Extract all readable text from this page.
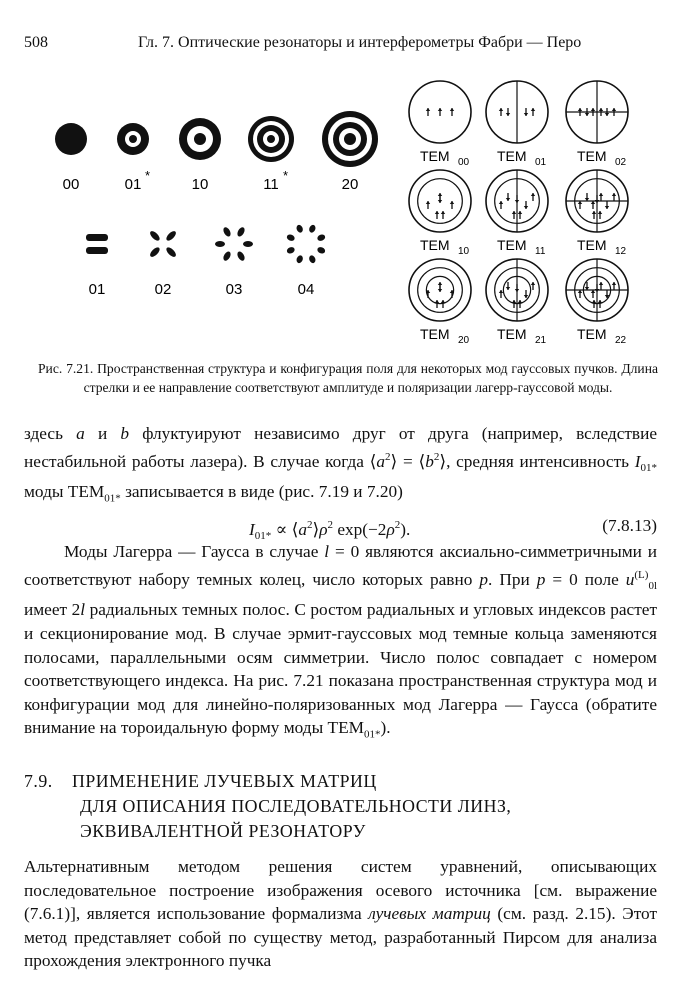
508	Гл. 7. Оптические резонаторы и интерферометры Фабри — Перо
00	01
*
10	11
*
20
01	02	03	04
TEM 00 TEM 01 TEM 02
TEM 10 TEM 11 TEM 12
TEM 20 TEM 21 TEM 22
Рис. 7.21. Пространственная структура и конфигурация поля для некоторых мод гауссовых пучков. Длина стрелки и ее направление соответствуют амплитуде и поляризации лагерр-гауссовой моды.

здесь a и b флуктуируют независимо друг от друга (например, вследствие нестабильной работы лазера). В случае когда $⟨a^2⟩$ = $⟨b^2⟩$, средняя интенсивность $I_{01*}$ моды $TEM_{01*}$ записывается в виде (рис. 7.19 и 7.20)

$I_{01*}$ ∝ $⟨a^2⟩\rho^2$ $\exp(-2\rho^2)$.	(7.8.13)

Моды Лагерра — Гаусса в случае l = 0 являются аксиально-симметричными и соответствуют набору темных колец, число которых равно p. При p = 0 поле $u^{(L)}_{0l}$ имеет 2l радиальных темных полос. С ростом радиальных и угловых индексов растет и секционирование мод. В случае эрмит-гауссовых мод темные кольца заменяются полосами, параллельными осям симметрии. Число полос совпадает с номером соответствующего индекса. На рис. 7.21 показана пространственная структура мод и конфигурации мод для линейно-поляризованных мод Лагерра — Гаусса (обратите внимание на тороидальную форму моды $TEM_{01*}$).

7.9. ПРИМЕНЕНИЕ ЛУЧЕВЫХ МАТРИЦ
ДЛЯ ОПИСАНИЯ ПОСЛЕДОВАТЕЛЬНОСТИ ЛИНЗ,
ЭКВИВАЛЕНТНОЙ РЕЗОНАТОРУ

Альтернативным методом решения систем уравнений, описывающих последовательное построение изображения осевого источника [см. выражение (7.6.1)], является использование формализма лучевых матриц (см. разд. 2.15). Этот метод представляет собой по существу метод, разработанный Пирсом для анализа прохождения электронного пучка
